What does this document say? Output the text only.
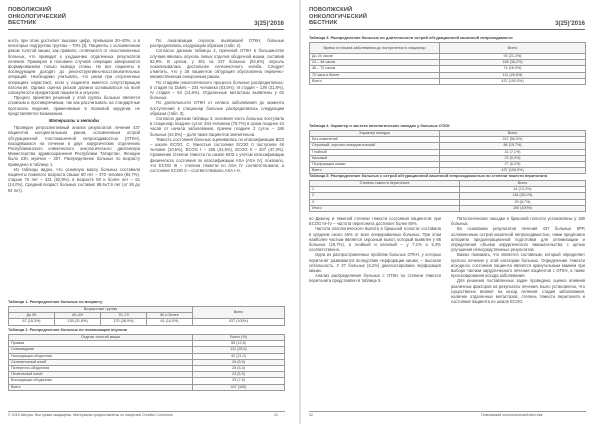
ПОВОЛЖСКИЙ
ОНКОЛОГИЧЕСКИЙ
ВЕСТНИК	3(25)’2016

ность при этом достигает высоких цифр, превышая 20–40%, а в некоторых подгруппах группах – 70% [3]. Пациенты с осложненным раком толстой кишки, как правило, отличаются от неосложненных больных, что приводит к ухудшению отдаленных результатов лечения. Примерно в половине случаев операции завершаются формированием только вывода стомы. Не все пациенты в последующем доходят до реконструктивно-восстановительных операций. Необходимо учитывать, что риски при отсроченных операциях нарастают, если у пациента имеется сопутствующая патология. Однако оценка рисков должна основываться на всей совокупности предикторов пациента и опухоли.

Процесс принятия решений у этой группы больных является сложным и противоречивым, так как рассчитывать на стандартные протоколы ведения, применяемые в плановой хирургии, не представляется возможным.

Материалы и методы

Проведен ретроспективный анализ результатов лечения 437 пациентов колоректальным раком, осложненным острой обтурационной толстокишечной непроходимостью (ОТКН), находившихся на лечении в двух хирургических отделениях Республиканского клинического онкологического диспансера Министерства здравоохранения Республики Татарстан. Женщин было 230, мужчин – 207. Распределение больных по возрасту приведено в таблице 1.

Из таблицы видно, что основную массу больных составили пациенты пожилого возраста свыше 60 лет – 370 человек (84,7%), старше 70 лет – 231 (52,9%), в возрасте 80 и более лет – 61 (14,0%). Средний возраст больных составил 68,6±7,9 лет (от 26 до 94 лет).

По локализации опухоли, вызвавшей ОТКН, больные распределились следующим образом (табл. 2).

Согласно данным таблицы 2, причиной ОТКН в большинстве случаев явилась опухоль левых отделов ободочной кишки, составив 82,9%. В целом, у 361 из 437 больных (82,6%) опухоль локализовалась дистальнее селезеночного изгиба. Следует отметить, что у 28 пациентов обтурация обусловлена первично-множественным синхронным раком.

По стадиям онкологического процесса больные распределились: II стадия по Dukes – 234 человека (53,5%), III стадия – 139 (31,8%), IV стадия – 64 (14,6%). Отдаленные метастазы выявлены у 62 больных.

По длительности ОТКН от начала заболевания до момента поступления в стационар больные распределились следующим образом (табл. 3).

Согласно данным таблицы 3, основная часть больных поступила в стационар позднее суток: 344 человека (78,7%) в сроки позднее 24 часов от начала заболевания, причем позднее 2 суток – 186 больных (42,6%) – доля таких пациентов значительна.

Тяжесть состояния больных оценивалась по классификации ВОЗ – шкале ECOG. С тяжестью состояния ECOG 0 поступили 46 человек (10,5%), ECOG I – 186 (42,6%), ECOG II – 207 (47,3%). Сравнение степени тяжести по шкале ВОЗ с учетом классификации физического состояния по классификации ASA (ASA IV), показало, что ECOG III – степени тяжести по ASA IV соответствовали, а состояние ECOG 0 – соответствовало ASA I–II.

Таблица 1. Распределение больных по возрасту
Возрастные группы				Всего
До 59	60–69	70–79	80 и более	
67 (15,3%)	139 (31,8%)	170 (38,9%)	61 (14,0%)	437 (100%)
Таблица 2. Распределение больных по локализации опухоли
Отделы толстой кишки	Всего (%)
Прямая	55 (12,6)
Сигмовидная	112 (25,6)
Нисходящая ободочная	92 (21,0)
Селезеночный изгиб	26 (5,9)
Поперечно-ободочная	28 (6,4)
Печеночный изгиб	23 (5,3)
Восходящая ободочная	33 (7,6)
Всего	437 (100)
© 2016 Авторы. Все права защищены. Материалы предоставлены по лицензии Creative Commons	31
ПОВОЛЖСКИЙ
ОНКОЛОГИЧЕСКИЙ
ВЕСТНИК	3(25)’2016
Таблица 3. Распределение больных по длительности острой обтурационной кишечной непроходимости
Время от начала заболевания до поступления в стационар	Всего
До 24 часов	93 (21,3%)
24 – 48 часов	158 (36,2%)
48 – 72 часов	74 (16,9%)
72 часа и более	112 (25,6%)
Всего	437 (100,0%)
Таблица 4. Характер и частота патологических находок у больных ОТКН
Характер находок	Всего
Без изменений	247 (56,5%)
Серозный, серозно-геморрагический	86 (19,7%)
Гнойный	31 (7,1%)
Каловый	23 (5,3%)
Перфорация кишки	27 (6,2%)
Всего	437 (100,0%)
Таблица 5. Распределение больных с острой обтурационной кишечной непроходимостью по степени тяжести перитонита
Степень тяжести перитонита	Всего
1	44 (13,3%)
2	116 (35,1%)
3	29 (8,7%)
Итого	190 (100%)

по Дюкену и тяжелой степени тяжести состояния пациентов: при ECOG III–IV – частота перитонита достигает более 80%.

Частота патологического выпота в брюшной полости составила в среднем около 45% от всех оперированных больных. При этом наиболее частым является серозный выпот, который выявлен у 86 больных (19,7%), а гнойный и каловый – у 7,1% и 5,3% соответственно.

Одна из распространенных проблем больных ОТКН, у которых перитонит развивается вследствие перфорации кишки, – высокая летальность. У 27 больных (6,2%) диагностирована перфорация кишки.

Анализ распределения больных с ОТКН по степени тяжести перитонита представлен в таблице 5.

Патологические находки в брюшной полости установлены у 190 больных.

Во основании результатов лечения 437 больных КРР, осложненным острой кишечной непроходимостью, нами предложен алгоритм предоперационной подготовки для оптимизации и определения объема хирургического вмешательства с целью улучшения непосредственных результатов.

Важно понимать, что является составным, который определяет прогноз лечения у этой категории больных. Определение тяжести исходного состояния пациента является краеугольным камнем при выборе тактики хирургического лечения пациентов с ОТКН, а также прогнозирования исхода заболевания.

Для решения поставленных задач проведена оценка влияния различных факторов на результаты лечения. Было установлено, что существенно влияют на исход лечения: стадия заболевания, наличие отдаленных метастазов, степень тяжести перитонита и состояние пациента по шкале ECOG.

32	Поволжский онкологический вестник
